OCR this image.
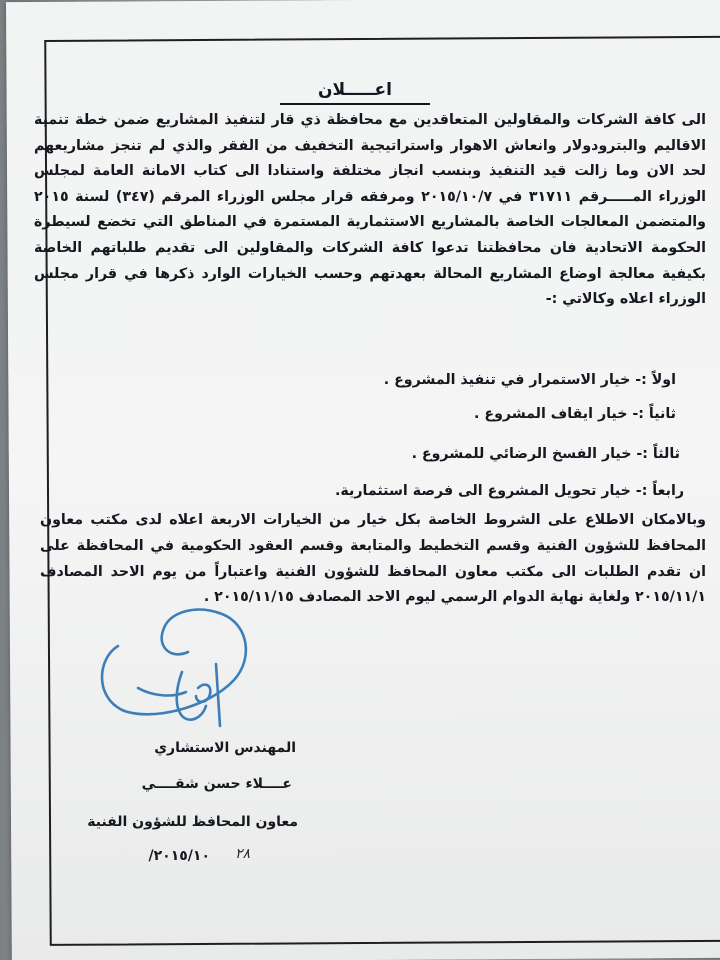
اعـــــلان
الى كافة الشركات والمقاولين المتعاقدين مع محافظة ذي قار لتنفيذ المشاريع ضمن خطة تنمية الاقاليم والبترودولار وانعاش الاهوار واستراتيجية التخفيف من الفقر والذي لم تنجز مشاريعهم لحد الان وما زالت قيد التنفيذ وبنسب انجاز مختلفة واستنادا الى كتاب الامانة العامة لمجلس الوزراء المـــــرقم ٣١٧١١ في ٢٠١٥/١٠/٧ ومرفقه قرار مجلس الوزراء المرقم (٣٤٧) لسنة ٢٠١٥ والمتضمن المعالجات الخاصة بالمشاريع الاستثمارية المستمرة في المناطق التي تخضع لسيطرة الحكومة الاتحادية فان محافظتنا تدعوا كافة الشركات والمقاولين الى تقديم طلباتهم الخاصة بكيفية معالجة اوضاع المشاريع المحالة بعهدتهم وحسب الخيارات الوارد ذكرها في قرار مجلس الوزراء اعلاه وكالاتي :-
اولاً :- خيار الاستمرار في تنفيذ المشروع .
ثانياً :- خيار ايقاف المشروع .
ثالثاً :- خيار الفسخ الرضائي للمشروع .
رابعاً :- خيار تحويل المشروع الى فرصة استثمارية.
وبالامكان الاطلاع على الشروط الخاصة بكل خيار من الخيارات الاربعة اعلاه لدى مكتب معاون المحافظ للشؤون الفنية وقسم التخطيط والمتابعة وقسم العقود الحكومية في المحافظة على ان تقدم الطلبات الى مكتب معاون المحافظ للشؤون الفنية واعتباراً من يوم الاحد المصادف ٢٠١٥/١١/١ ولغاية نهاية الدوام الرسمي ليوم الاحد المصادف ٢٠١٥/١١/١٥ .
المهندس الاستشاري
عــــلاء حسن شقــــي
معاون المحافظ للشؤون الفنية
٢٠١٥/١٠/ ٢٨
